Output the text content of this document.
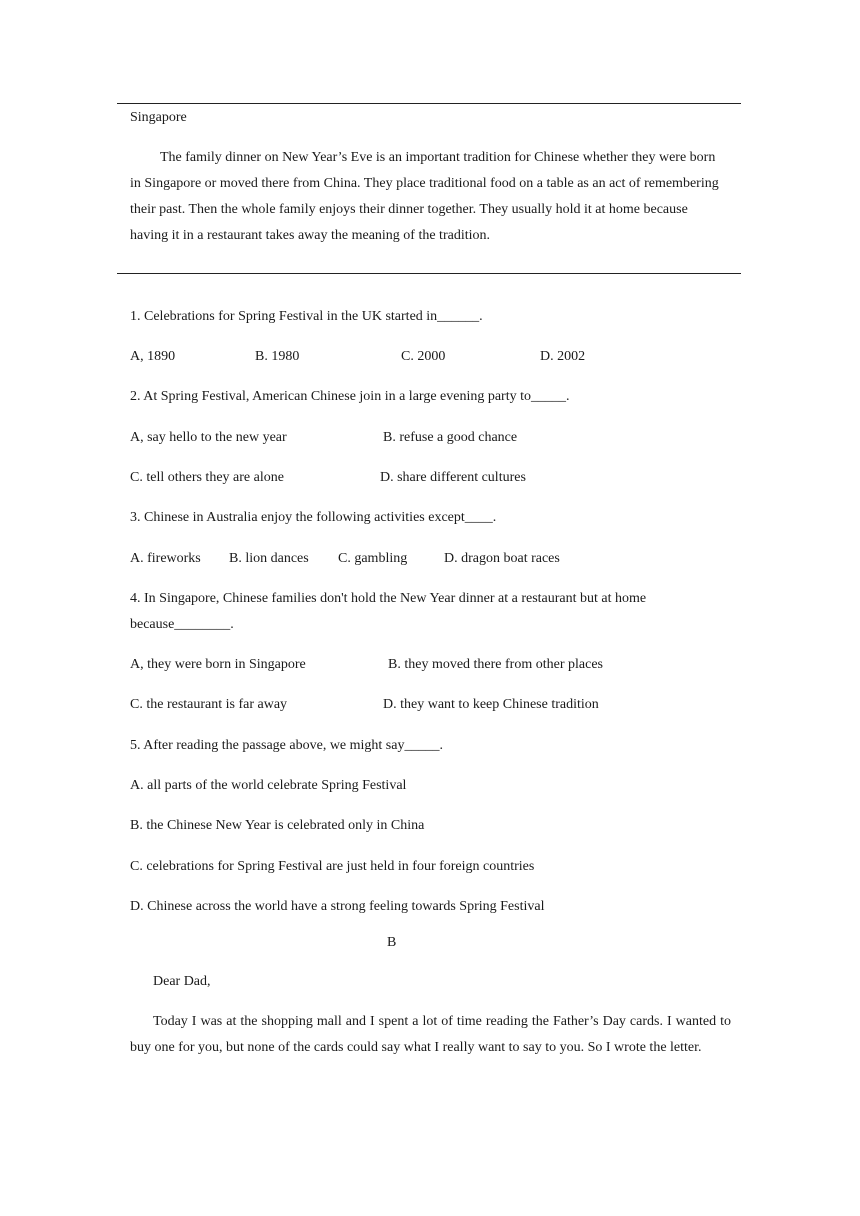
Singapore

The family dinner on New Year’s Eve is an important tradition for Chinese whether they were born in Singapore or moved there from China. They place traditional food on a table as an act of remembering their past. Then the whole family enjoys their dinner together. They usually hold it at home because having it in a restaurant takes away the meaning of the tradition.

1. Celebrations for Spring Festival in the UK started in______.
A, 1890	B. 1980	C. 2000	D. 2002
2. At Spring Festival, American Chinese join in a large evening party to_____.
A, say hello to the new year	B. refuse a good chance
C. tell others they are alone	D. share different cultures
3. Chinese in Australia enjoy the following activities except____.
A. fireworks B. lion dances C. gambling	D. dragon boat races
4. In Singapore, Chinese families don't hold the New Year dinner at a restaurant but at home
because________.
A, they were born in Singapore	B. they moved there from other places
C. the restaurant is far away	D. they want to keep Chinese tradition
5. After reading the passage above, we might say_____.
A. all parts of the world celebrate Spring Festival
B. the Chinese New Year is celebrated only in China
C. celebrations for Spring Festival are just held in four foreign countries
D. Chinese across the world have a strong feeling towards Spring Festival
B
Dear Dad,

Today I was at the shopping mall and I spent a lot of time reading the Father’s Day cards. I wanted to buy one for you, but none of the cards could say what I really want to say to you. So I wrote the letter.
